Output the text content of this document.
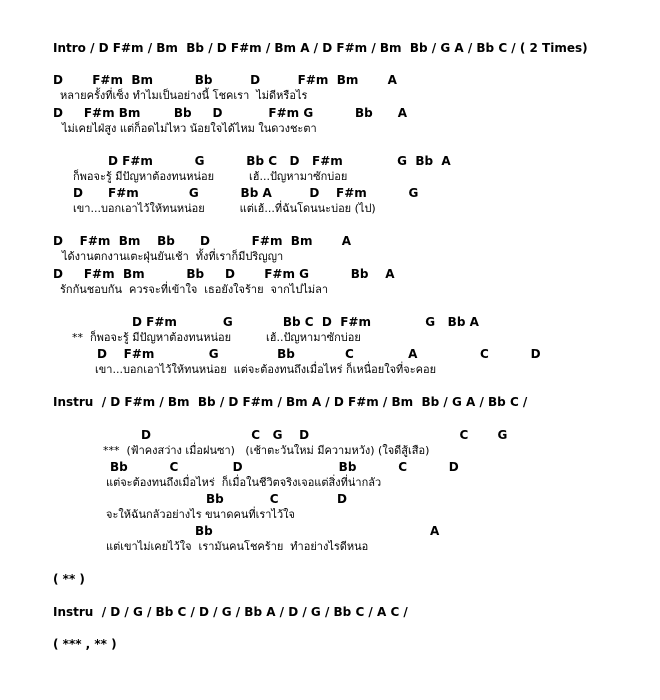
Intro / D F#m / Bm  Bb / D F#m / Bm A / D F#m / Bm  Bb / G A / Bb C / ( 2 Times)
D       F#m  Bm          Bb         D         F#m  Bm       A
หลายครั้งที่เซ็ง ทำไมเป็นอย่างนี้ โชคเรา  ไม่ดีหรือไร
D     F#m Bm        Bb     D           F#m G          Bb      A
ไม่เคยไฝ่สูง แต่ก็อดไม่ไหว น้อยใจได้ไหม ในดวงชะตา
D F#m          G          Bb C   D   F#m             G  Bb  A
ก็พอจะรู้ มีปัญหาต้องทนหน่อย          เฮ้...ปัญหามาซักบ่อย
D      F#m            G          Bb A         D    F#m          G
เขา...บอกเอาไว้ให้ทนหน่อย          แต่เฮ้...ที่ฉันโดนนะบ่อย (ไป)
D    F#m  Bm    Bb      D          F#m  Bm       A
ได้งานตกงานเตะฝุ่นยันเช้า  ทั้งที่เราก็มีปริญญา
D     F#m  Bm          Bb     D       F#m G          Bb    A
รักกันชอบกัน  ควรจะที่เข้าใจ  เธอยังใจร้าย  จากไปไม่ลา
D F#m           G            Bb C  D  F#m             G   Bb A
**  ก็พอจะรู้ มีปัญหาต้องทนหน่อย          เฮ้..ปัญหามาซักบ่อย
D    F#m             G              Bb            C             A               C          D
เขา...บอกเอาไว้ให้ทนหน่อย  แต่จะต้องทนถึงเมื่อไหร่ ก็เหนื่อยใจที่จะคอย
Instru  / D F#m / Bm  Bb / D F#m / Bm A / D F#m / Bm  Bb / G A / Bb C /
D                        C   G    D                                    C       G
***  (ฟ้าคงสว่าง เมื่อฝนซา)   (เช้าตะวันใหม่ มีความหวัง) (ใจดีสู้เสือ)
Bb          C             D                       Bb          C          D
แต่จะต้องทนถึงเมื่อไหร่  ก็เมื่อในชีวิตจริงเจอแต่สิ่งที่น่ากลัว
Bb           C              D
จะให้ฉันกลัวอย่างไร ขนาดคนที่เราไว้ใจ
Bb                                                    A
แต่เขาไม่เคยไว้ใจ  เรามันคนโชคร้าย  ทำอย่างไรดีหนอ
( ** )
Instru  / D / G / Bb C / D / G / Bb A / D / G / Bb C / A C /
( *** , ** )
